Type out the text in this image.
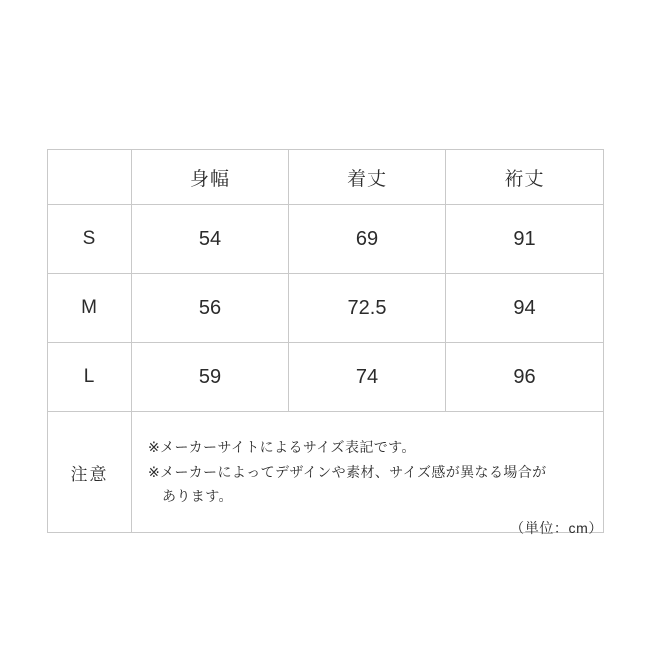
	身幅	着丈	裄丈
S	54	69	91
M	56	72.5	94
L	59	74	96
注意	※メーカーサイトによるサイズ表記です。
※メーカーによってデザインや素材、サイズ感が異なる場合が
あります。		
（単位：cm）
